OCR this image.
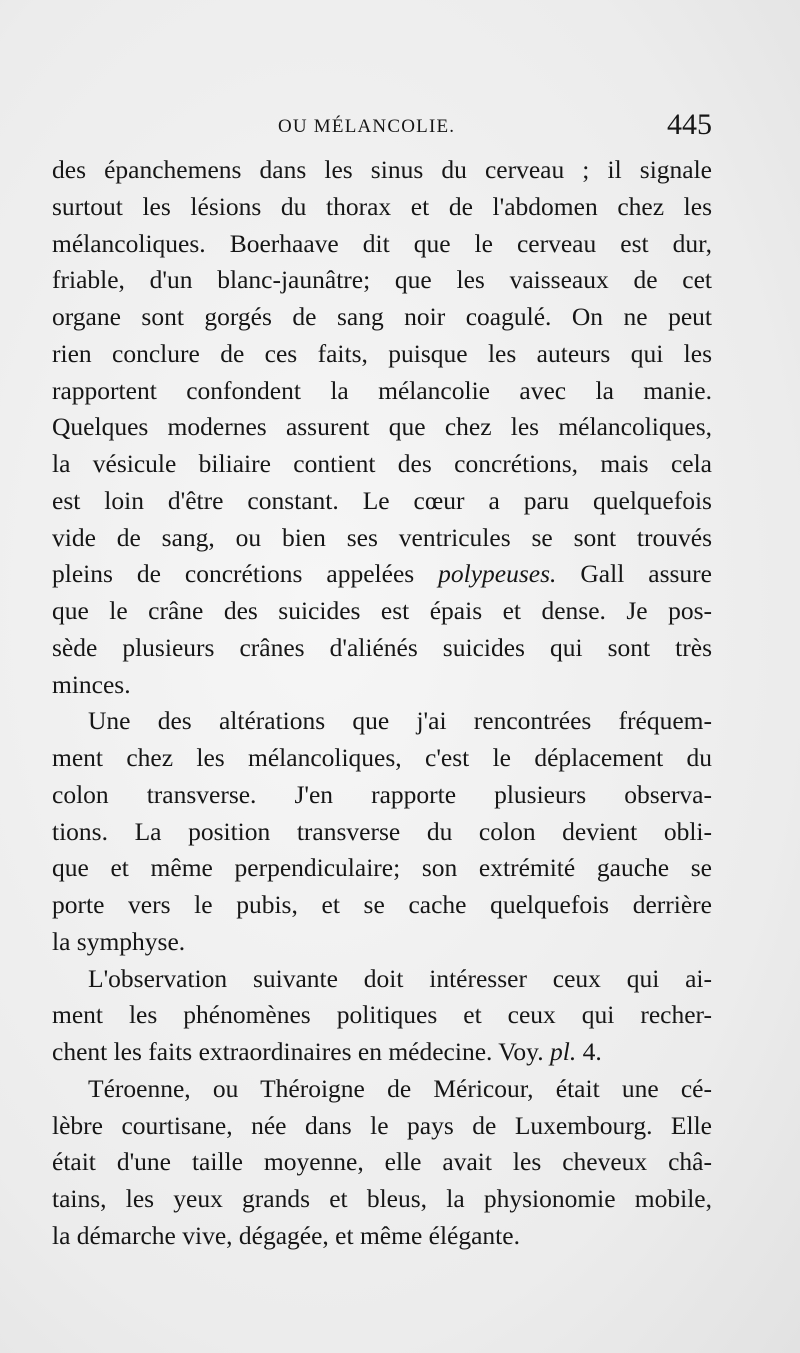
OU MÉLANCOLIE.	445
des épanchemens dans les sinus du cerveau ; il signale
surtout les lésions du thorax et de l'abdomen chez les
mélancoliques. Boerhaave dit que le cerveau est dur,
friable, d'un blanc-jaunâtre; que les vaisseaux de cet
organe sont gorgés de sang noir coagulé. On ne peut
rien conclure de ces faits, puisque les auteurs qui les
rapportent confondent la mélancolie avec la manie.
Quelques modernes assurent que chez les mélancoliques,
la vésicule biliaire contient des concrétions, mais cela
est loin d'être constant. Le cœur a paru quelquefois
vide de sang, ou bien ses ventricules se sont trouvés
pleins de concrétions appelées polypeuses. Gall assure
que le crâne des suicides est épais et dense. Je pos-
sède plusieurs crânes d'aliénés suicides qui sont très
minces.
Une des altérations que j'ai rencontrées fréquem-
ment chez les mélancoliques, c'est le déplacement du
colon transverse. J'en rapporte plusieurs observa-
tions. La position transverse du colon devient obli-
que et même perpendiculaire; son extrémité gauche se
porte vers le pubis, et se cache quelquefois derrière
la symphyse.
L'observation suivante doit intéresser ceux qui ai-
ment les phénomènes politiques et ceux qui recher-
chent les faits extraordinaires en médecine. Voy. pl. 4.
Téroenne, ou Théroigne de Méricour, était une cé-
lèbre courtisane, née dans le pays de Luxembourg. Elle
était d'une taille moyenne, elle avait les cheveux châ-
tains, les yeux grands et bleus, la physionomie mobile,
la démarche vive, dégagée, et même élégante.
